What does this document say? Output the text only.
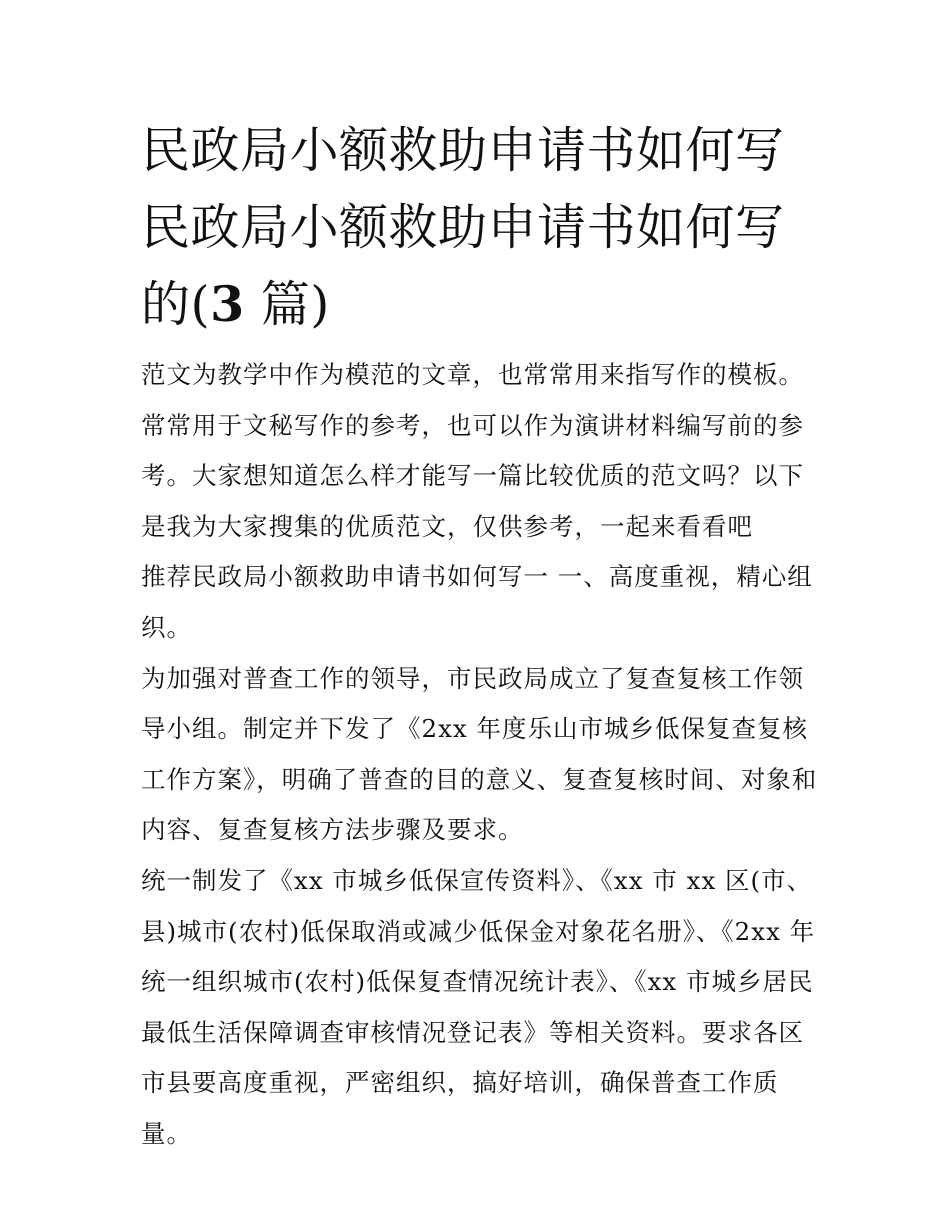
民政局小额救助申请书如何写
民政局小额救助申请书如何写
的(3 篇)

范文为教学中作为模范的文章，也常常用来指写作的模板。常常用于文秘写作的参考，也可以作为演讲材料编写前的参考。大家想知道怎么样才能写一篇比较优质的范文吗？以下是我为大家搜集的优质范文，仅供参考，一起来看看吧

推荐民政局小额救助申请书如何写一 一、高度重视，精心组织。

为加强对普查工作的领导，市民政局成立了复查复核工作领导小组。制定并下发了《2xx 年度乐山市城乡低保复查复核工作方案》，明确了普查的目的意义、复查复核时间、对象和内容、复查复核方法步骤及要求。

统一制发了《xx 市城乡低保宣传资料》、《xx 市 xx 区(市、县)城市(农村)低保取消或减少低保金对象花名册》、《2xx 年统一组织城市(农村)低保复查情况统计表》、《xx 市城乡居民最低生活保障调查审核情况登记表》等相关资料。要求各区市县要高度重视，严密组织，搞好培训，确保普查工作质量。
